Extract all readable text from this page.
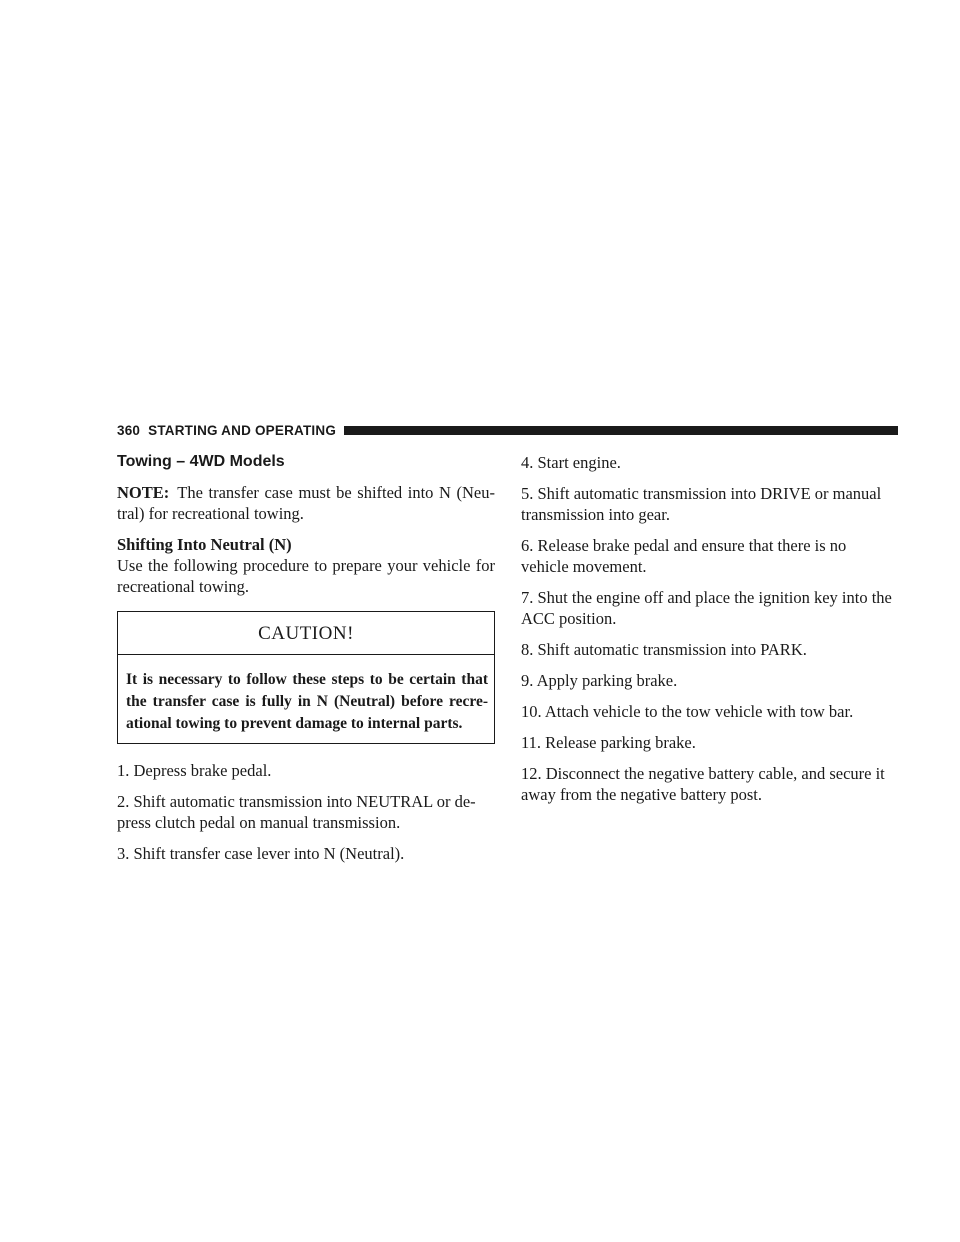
360 STARTING AND OPERATING
Towing – 4WD Models

NOTE: The transfer case must be shifted into N (Neu-tral) for recreational towing.

Shifting Into Neutral (N)

Use the following procedure to prepare your vehicle for recreational towing.

CAUTION!
It is necessary to follow these steps to be certain that the transfer case is fully in N (Neutral) before recre-ational towing to prevent damage to internal parts.

1. Depress brake pedal.

2. Shift automatic transmission into NEUTRAL or de-press clutch pedal on manual transmission.

3. Shift transfer case lever into N (Neutral).

4. Start engine.

5. Shift automatic transmission into DRIVE or manual transmission into gear.

6. Release brake pedal and ensure that there is no vehicle movement.

7. Shut the engine off and place the ignition key into the ACC position.

8. Shift automatic transmission into PARK.

9. Apply parking brake.

10. Attach vehicle to the tow vehicle with tow bar.

11. Release parking brake.

12. Disconnect the negative battery cable, and secure it away from the negative battery post.
